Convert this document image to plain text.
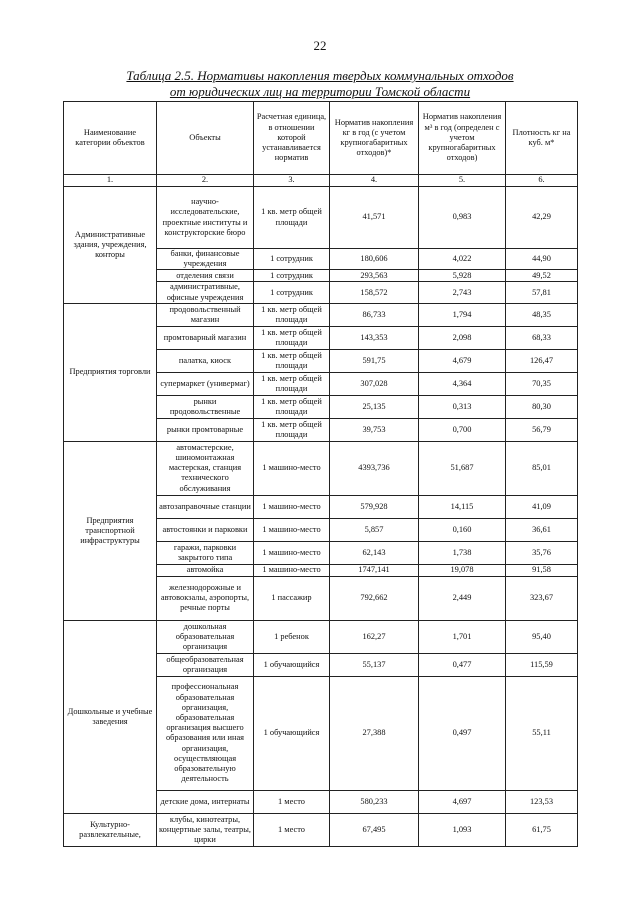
22
Таблица 2.5. Нормативы накопления твердых коммунальных отходов
от юридических лиц на территории Томской области
Наименование категории объектов	Объекты	Расчетная единица, в отношении которой устанавливается норматив	Норматив накопления кг в год (с учетом крупногабаритных отходов)*	Норматив накопления м³ в год (определен с учетом крупногабаритных отходов)	Плотность кг на куб. м*
1.	2.	3.	4.	5.	6.
Административные здания, учреждения, конторы	научно-исследовательские, проектные институты и конструкторские бюро	1 кв. метр общей площади	41,571	0,983	42,29
	банки, финансовые учреждения	1 сотрудник	180,606	4,022	44,90
	отделения связи	1 сотрудник	293,563	5,928	49,52
	административные, офисные учреждения	1 сотрудник	158,572	2,743	57,81
Предприятия торговли	продовольственный магазин	1 кв. метр общей площади	86,733	1,794	48,35
	промтоварный магазин	1 кв. метр общей площади	143,353	2,098	68,33
	палатка, киоск	1 кв. метр общей площади	591,75	4,679	126,47
	супермаркет (универмаг)	1 кв. метр общей площади	307,028	4,364	70,35
	рынки продовольственные	1 кв. метр общей площади	25,135	0,313	80,30
	рынки промтоварные	1 кв. метр общей площади	39,753	0,700	56,79
Предприятия транспортной инфраструктуры	автомастерские, шиномонтажная мастерская, станция технического обслуживания	1 машино-место	4393,736	51,687	85,01
	автозаправочные станции	1 машино-место	579,928	14,115	41,09
	автостоянки и парковки	1 машино-место	5,857	0,160	36,61
	гаражи, парковки закрытого типа	1 машино-место	62,143	1,738	35,76
	автомойка	1 машино-место	1747,141	19,078	91,58
	железнодорожные и автовокзалы, аэропорты, речные порты	1 пассажир	792,662	2,449	323,67
Дошкольные и учебные заведения	дошкольная образовательная организация	1 ребенок	162,27	1,701	95,40
	общеобразовательная организация	1 обучающийся	55,137	0,477	115,59
	профессиональная образовательная организация, образовательная организация высшего образования или иная организация, осуществляющая образовательную деятельность	1 обучающийся	27,388	0,497	55,11
	детские дома, интернаты	1 место	580,233	4,697	123,53
Культурно-развлекательные,	клубы, кинотеатры, концертные залы, театры, цирки	1 место	67,495	1,093	61,75
